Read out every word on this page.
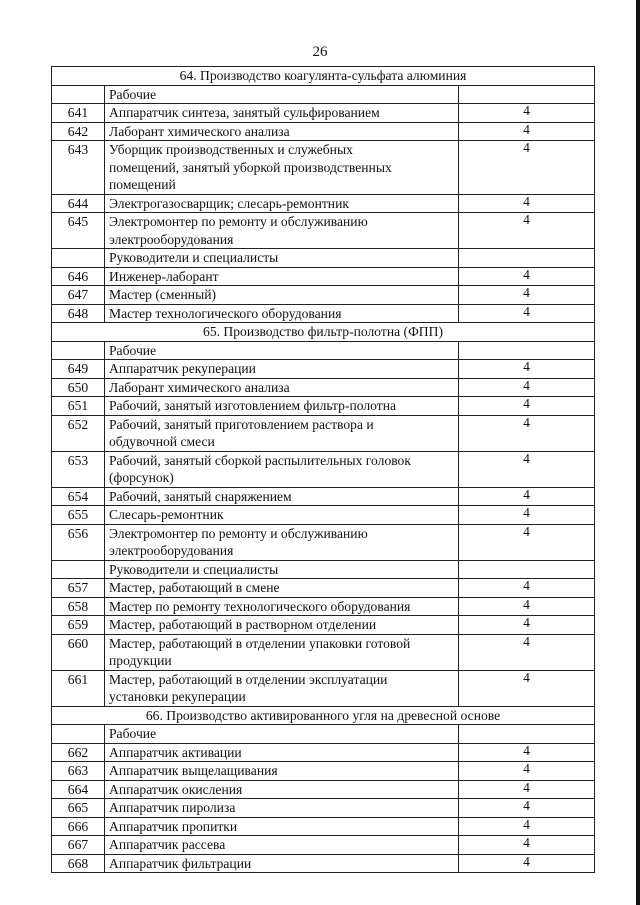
26
64. Производство коагулянта-сульфата алюминия		
	Рабочие	
641	Аппаратчик синтеза, занятый сульфированием	4
642	Лаборант химического анализа	4
643	Уборщик производственных и служебных
помещений, занятый уборкой производственных
помещений	4
644	Электрогазосварщик; слесарь-ремонтник	4
645	Электромонтер по ремонту и обслуживанию
электрооборудования	4
	Руководители и специалисты	
646	Инженер-лаборант	4
647	Мастер (сменный)	4
648	Мастер технологического оборудования	4
65. Производство фильтр-полотна (ФПП)		
	Рабочие	
649	Аппаратчик рекуперации	4
650	Лаборант химического анализа	4
651	Рабочий, занятый изготовлением фильтр-полотна	4
652	Рабочий, занятый приготовлением раствора и
обдувочной смеси	4
653	Рабочий, занятый сборкой распылительных головок
(форсунок)	4
654	Рабочий, занятый снаряжением	4
655	Слесарь-ремонтник	4
656	Электромонтер по ремонту и обслуживанию
электрооборудования	4
	Руководители и специалисты	
657	Мастер, работающий в смене	4
658	Мастер по ремонту технологического оборудования	4
659	Мастер, работающий в растворном отделении	4
660	Мастер, работающий в отделении упаковки готовой
продукции	4
661	Мастер, работающий в отделении эксплуатации
установки рекуперации	4
66. Производство активированного угля на древесной основе		
	Рабочие	
662	Аппаратчик активации	4
663	Аппаратчик выщелащивания	4
664	Аппаратчик окисления	4
665	Аппаратчик пиролиза	4
666	Аппаратчик пропитки	4
667	Аппаратчик рассева	4
668	Аппаратчик фильтрации	4
